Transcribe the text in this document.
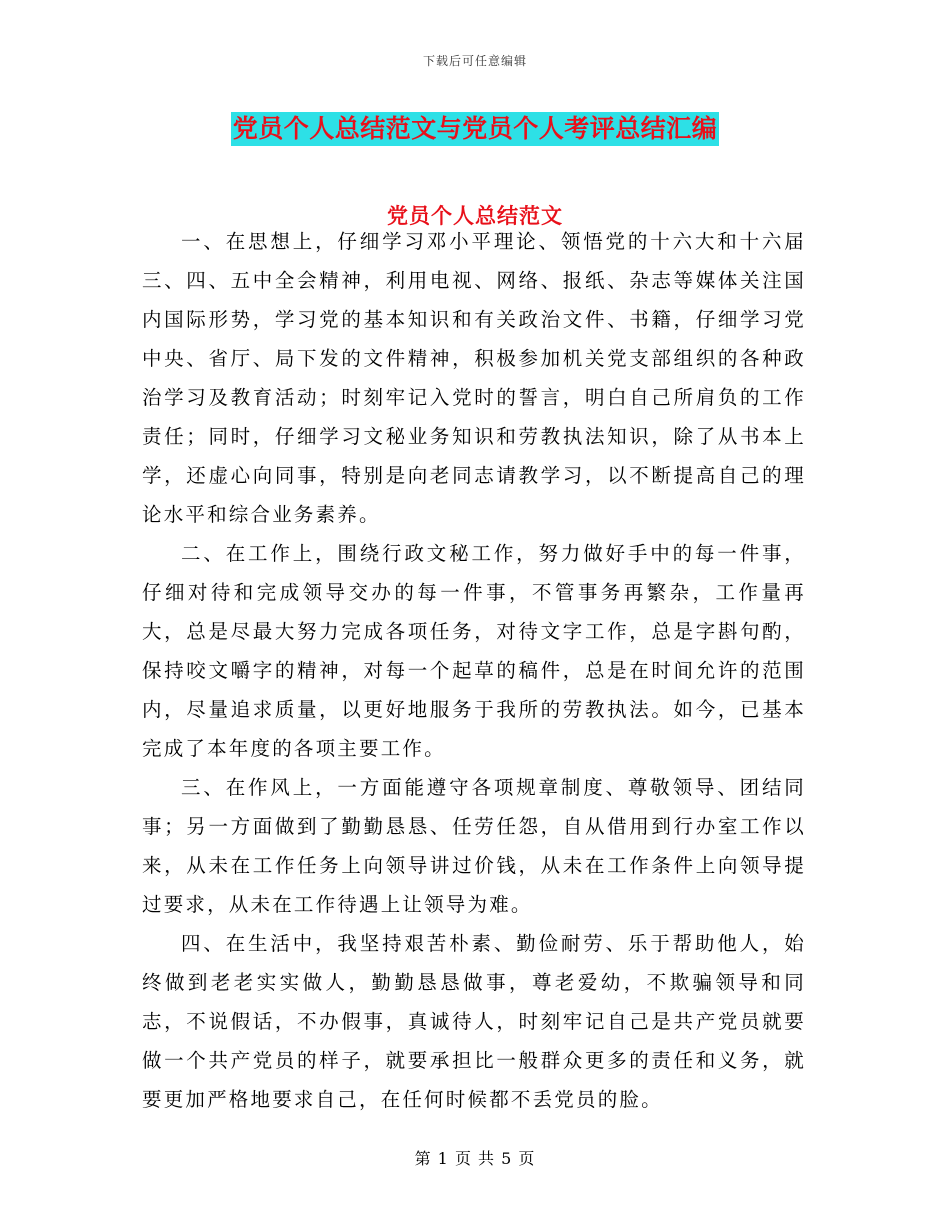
下载后可任意编辑
党员个人总结范文与党员个人考评总结汇编
党员个人总结范文

一、在思想上，仔细学习邓小平理论、领悟党的十六大和十六届三、四、五中全会精神，利用电视、网络、报纸、杂志等媒体关注国内国际形势，学习党的基本知识和有关政治文件、书籍，仔细学习党中央、省厅、局下发的文件精神，积极参加机关党支部组织的各种政治学习及教育活动；时刻牢记入党时的誓言，明白自己所肩负的工作责任；同时，仔细学习文秘业务知识和劳教执法知识，除了从书本上学，还虚心向同事，特别是向老同志请教学习，以不断提高自己的理论水平和综合业务素养。

二、在工作上，围绕行政文秘工作，努力做好手中的每一件事，仔细对待和完成领导交办的每一件事，不管事务再繁杂，工作量再大，总是尽最大努力完成各项任务，对待文字工作，总是字斟句酌，保持咬文嚼字的精神，对每一个起草的稿件，总是在时间允许的范围内，尽量追求质量，以更好地服务于我所的劳教执法。如今，已基本完成了本年度的各项主要工作。

三、在作风上，一方面能遵守各项规章制度、尊敬领导、团结同事；另一方面做到了勤勤恳恳、任劳任怨，自从借用到行办室工作以来，从未在工作任务上向领导讲过价钱，从未在工作条件上向领导提过要求，从未在工作待遇上让领导为难。

四、在生活中，我坚持艰苦朴素、勤俭耐劳、乐于帮助他人，始终做到老老实实做人，勤勤恳恳做事，尊老爱幼，不欺骗领导和同志，不说假话，不办假事，真诚待人，时刻牢记自己是共产党员就要做一个共产党员的样子，就要承担比一般群众更多的责任和义务，就要更加严格地要求自己，在任何时候都不丢党员的脸。

第 1 页 共 5 页
